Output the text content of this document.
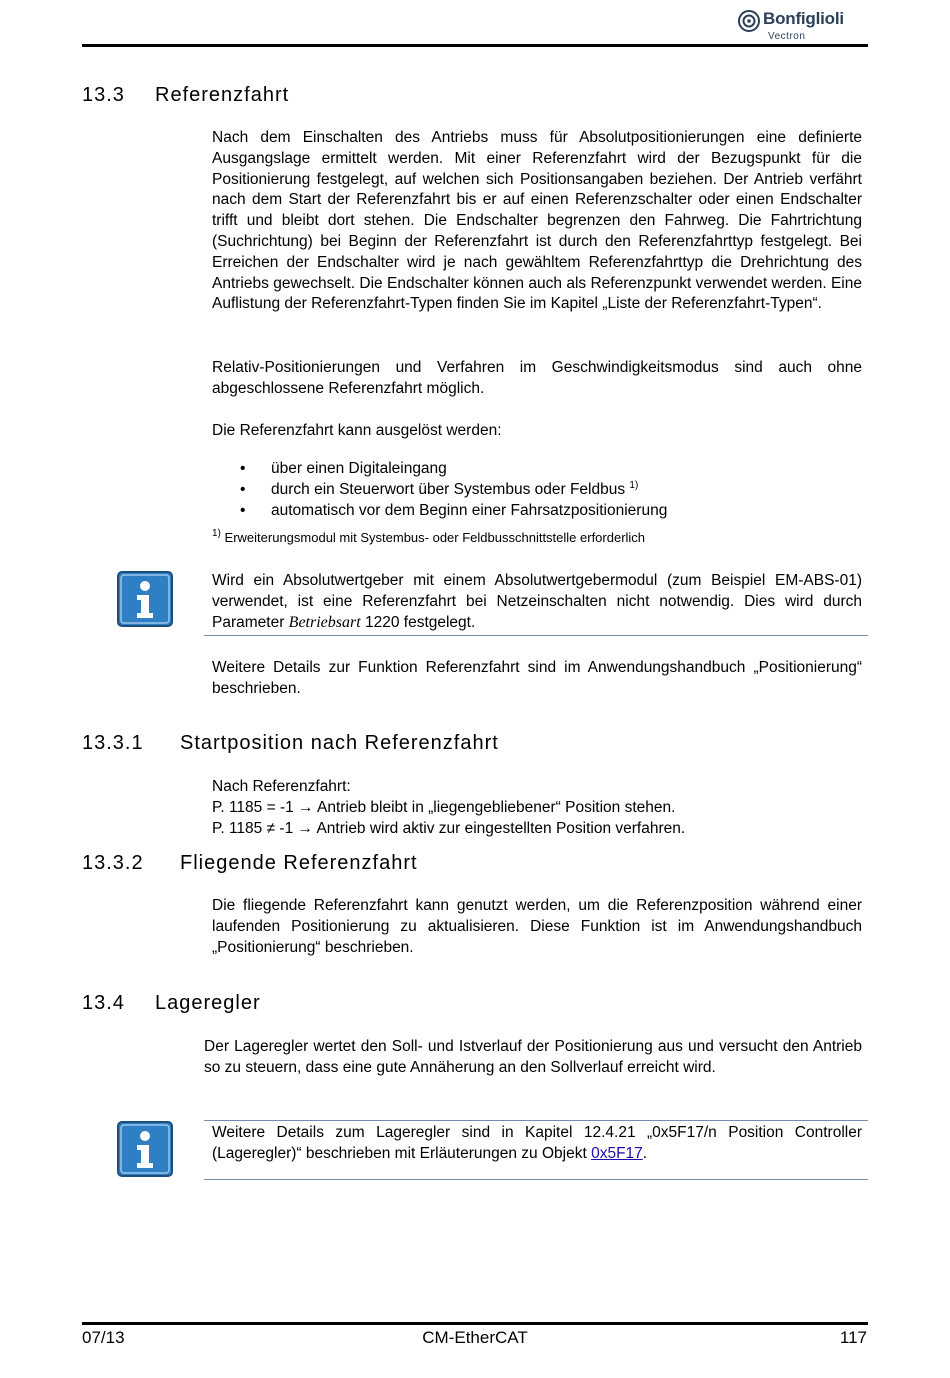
Bonfiglioli
Vectron
13.3 Referenzfahrt

Nach dem Einschalten des Antriebs muss für Absolutpositionierungen eine definierte Ausgangslage ermittelt werden. Mit einer Referenzfahrt wird der Bezugspunkt für die Positionierung festgelegt, auf welchen sich Positionsangaben beziehen. Der Antrieb verfährt nach dem Start der Referenzfahrt bis er auf einen Referenzschalter oder einen Endschalter trifft und bleibt dort stehen. Die Endschalter begrenzen den Fahrweg. Die Fahrtrichtung (Suchrichtung) bei Beginn der Referenzfahrt ist durch den Referenzfahrttyp festgelegt. Bei Erreichen der Endschalter wird je nach gewähltem Referenzfahrttyp die Drehrichtung des Antriebs gewechselt. Die Endschalter können auch als Referenzpunkt verwendet werden. Eine Auflistung der Referenzfahrt-Typen finden Sie im Kapitel „Liste der Referenzfahrt-Typen“.

Relativ-Positionierungen und Verfahren im Geschwindigkeitsmodus sind auch ohne abgeschlossene Referenzfahrt möglich.

Die Referenzfahrt kann ausgelöst werden:

• über einen Digitaleingang
• durch ein Steuerwort über Systembus oder Feldbus $^{1)}$
• automatisch vor dem Beginn einer Fahrsatzpositionierung
$^{1)}$ Erweiterungsmodul mit Systembus- oder Feldbusschnittstelle erforderlich

Wird ein Absolutwertgeber mit einem Absolutwertgebermodul (zum Beispiel EM-ABS-01) verwendet, ist eine Referenzfahrt bei Netzeinschalten nicht notwendig. Dies wird durch Parameter Betriebsart 1220 festgelegt.

Weitere Details zur Funktion Referenzfahrt sind im Anwendungshandbuch „Positionierung“ beschrieben.

13.3.1 Startposition nach Referenzfahrt
Nach Referenzfahrt:
P. 1185 = -1 → Antrieb bleibt in „liegengebliebener“ Position stehen.
P. 1185 ≠ -1 → Antrieb wird aktiv zur eingestellten Position verfahren.
13.3.2 Fliegende Referenzfahrt

Die fliegende Referenzfahrt kann genutzt werden, um die Referenzposition während einer laufenden Positionierung zu aktualisieren. Diese Funktion ist im Anwendungshandbuch „Positionierung“ beschrieben.

13.4 Lageregler

Der Lageregler wertet den Soll- und Istverlauf der Positionierung aus und versucht den Antrieb so zu steuern, dass eine gute Annäherung an den Sollverlauf erreicht wird.

Weitere Details zum Lageregler sind in Kapitel 12.4.21 „0x5F17/n Position Controller (Lageregler)“ beschrieben mit Erläuterungen zu Objekt 0x5F17.

07/13	CM-EtherCAT	117
